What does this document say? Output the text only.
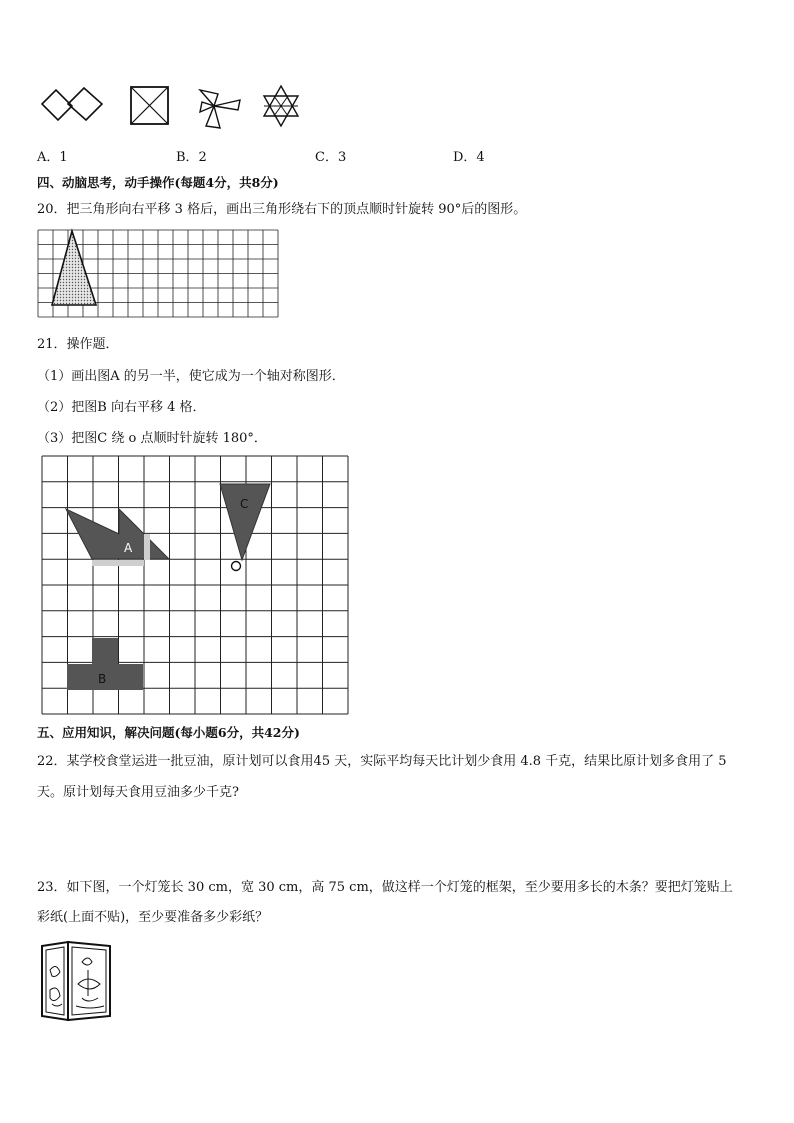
A．1	B．2	C．3	D．4
四、动脑思考，动手操作(每题4分，共8分)
20．把三角形向右平移 3 格后，画出三角形绕右下的顶点顺时针旋转 90°后的图形。
21．操作题．
（1）画出图A 的另一半，使它成为一个轴对称图形．
（2）把图B 向右平移 4 格．
（3）把图C 绕 o 点顺时针旋转 180°．
A
C
B
五、应用知识，解决问题(每小题6分，共42分)
22．某学校食堂运进一批豆油，原计划可以食用45 天，实际平均每天比计划少食用 4.8 千克，结果比原计划多食用了 5
天。原计划每天食用豆油多少千克?
23．如下图，一个灯笼长 30 cm，宽 30 cm，高 75 cm，做这样一个灯笼的框架，至少要用多长的木条？要把灯笼贴上
彩纸(上面不贴)，至少要准备多少彩纸？
